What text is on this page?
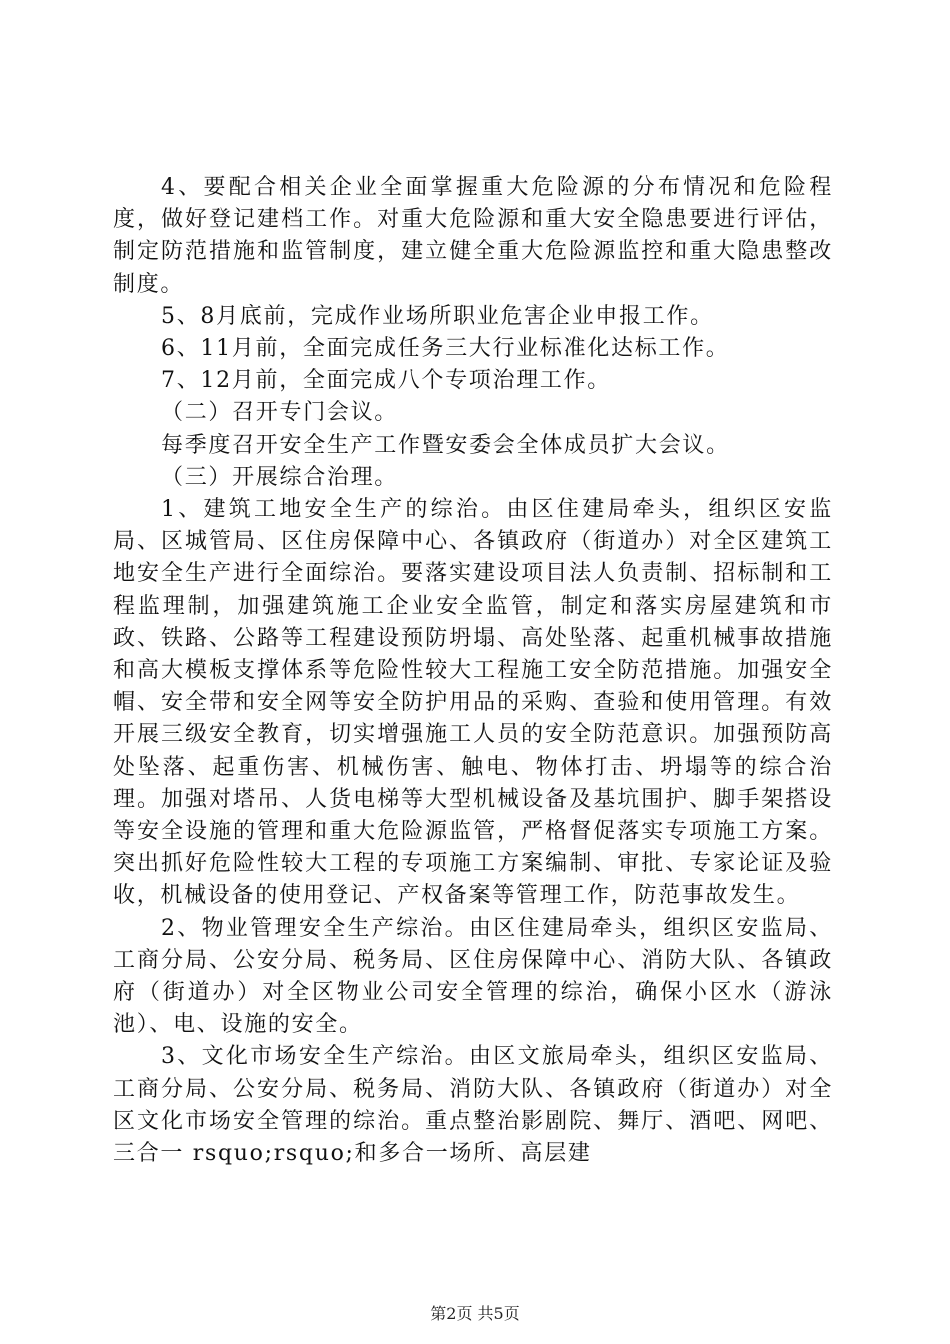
4、要配合相关企业全面掌握重大危险源的分布情况和危险程度，做好登记建档工作。对重大危险源和重大安全隐患要进行评估，制定防范措施和监管制度，建立健全重大危险源监控和重大隐患整改制度。

5、8月底前，完成作业场所职业危害企业申报工作。

6、11月前，全面完成任务三大行业标准化达标工作。

7、12月前，全面完成八个专项治理工作。

（二）召开专门会议。

每季度召开安全生产工作暨安委会全体成员扩大会议。

（三）开展综合治理。

1、建筑工地安全生产的综治。由区住建局牵头，组织区安监局、区城管局、区住房保障中心、各镇政府（街道办）对全区建筑工地安全生产进行全面综治。要落实建设项目法人负责制、招标制和工程监理制，加强建筑施工企业安全监管，制定和落实房屋建筑和市政、铁路、公路等工程建设预防坍塌、高处坠落、起重机械事故措施和高大模板支撑体系等危险性较大工程施工安全防范措施。加强安全帽、安全带和安全网等安全防护用品的采购、查验和使用管理。有效开展三级安全教育，切实增强施工人员的安全防范意识。加强预防高处坠落、起重伤害、机械伤害、触电、物体打击、坍塌等的综合治理。加强对塔吊、人货电梯等大型机械设备及基坑围护、脚手架搭设等安全设施的管理和重大危险源监管，严格督促落实专项施工方案。突出抓好危险性较大工程的专项施工方案编制、审批、专家论证及验收，机械设备的使用登记、产权备案等管理工作，防范事故发生。

2、物业管理安全生产综治。由区住建局牵头，组织区安监局、工商分局、公安分局、税务局、区住房保障中心、消防大队、各镇政府（街道办）对全区物业公司安全管理的综治，确保小区水（游泳池）、电、设施的安全。

3、文化市场安全生产综治。由区文旅局牵头，组织区安监局、工商分局、公安分局、税务局、消防大队、各镇政府（街道办）对全区文化市场安全管理的综治。重点整治影剧院、舞厅、酒吧、网吧、三合一 rsquo;rsquo;和多合一场所、高层建

第2页 共5页
